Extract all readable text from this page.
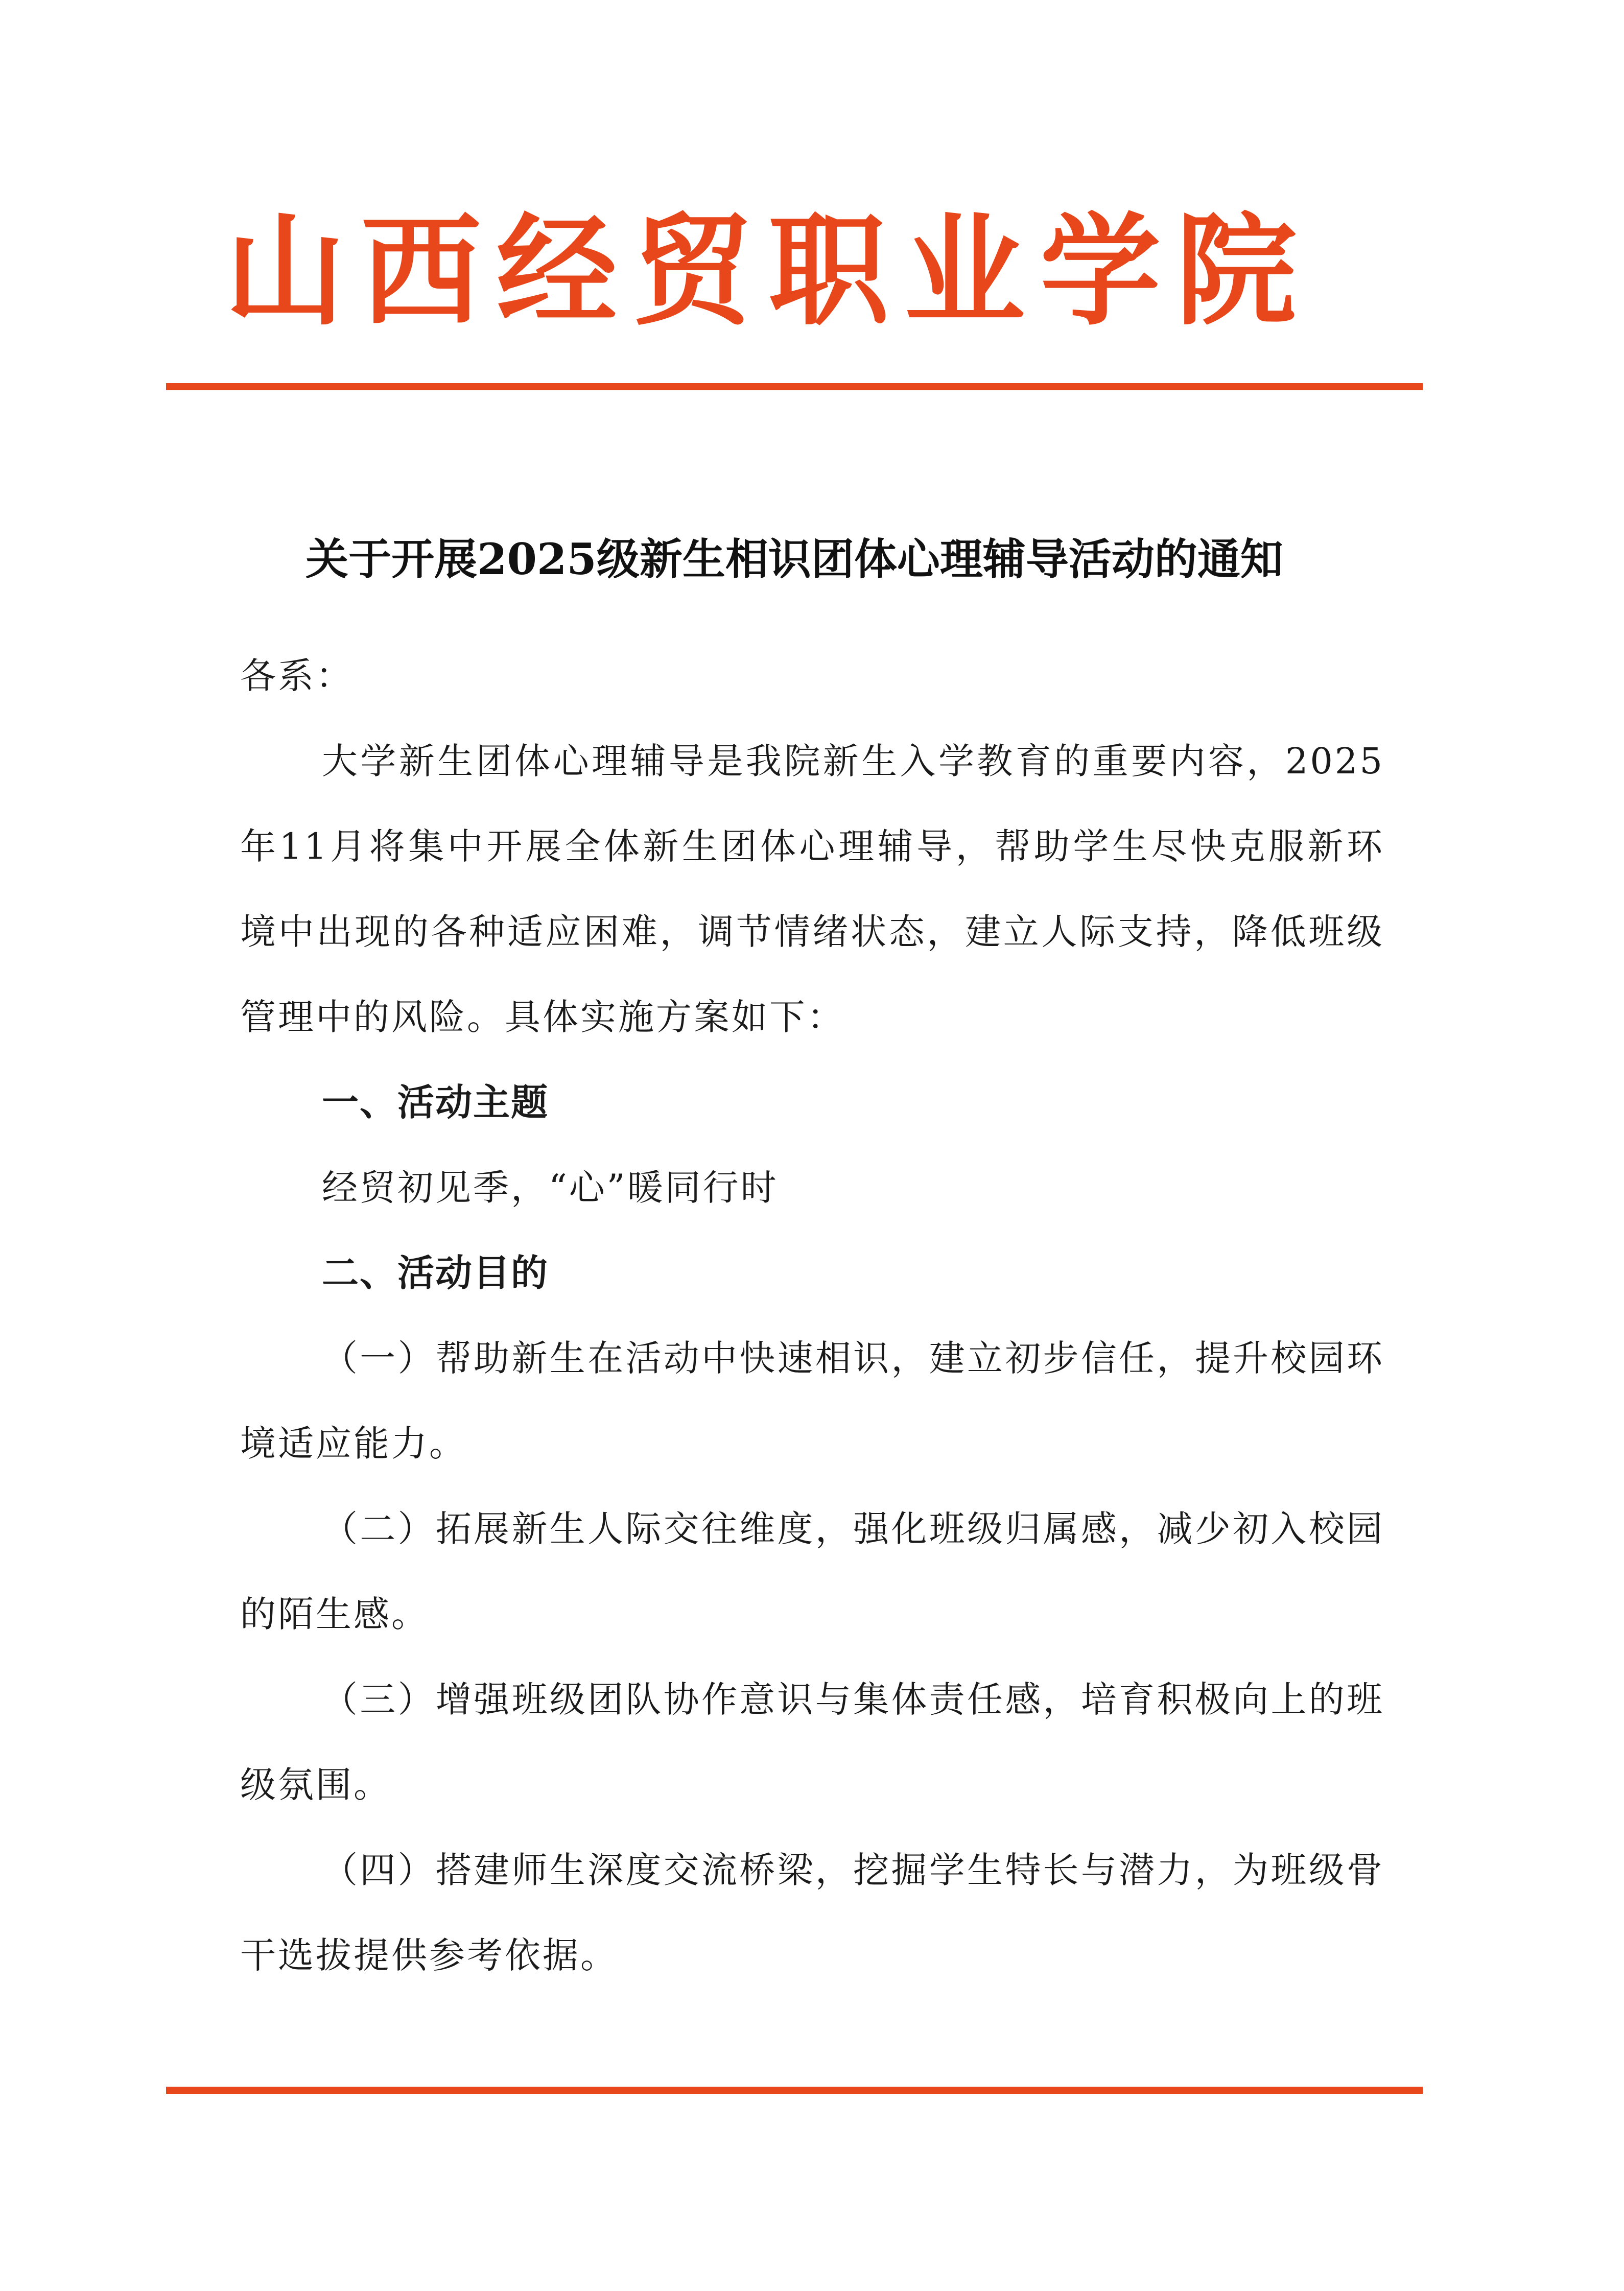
山西经贸职业学院
关于开展2025级新生相识团体心理辅导活动的通知

各系：

大学新生团体心理辅导是我院新生入学教育的重要内容，2025年11月将集中开展全体新生团体心理辅导，帮助学生尽快克服新环境中出现的各种适应困难，调节情绪状态，建立人际支持，降低班级管理中的风险。具体实施方案如下：

一、活动主题

经贸初见季，“心”暖同行时

二、活动目的

（一）帮助新生在活动中快速相识，建立初步信任，提升校园环境适应能力。

（二）拓展新生人际交往维度，强化班级归属感，减少初入校园的陌生感。

（三）增强班级团队协作意识与集体责任感，培育积极向上的班级氛围。

（四）搭建师生深度交流桥梁，挖掘学生特长与潜力，为班级骨干选拔提供参考依据。
